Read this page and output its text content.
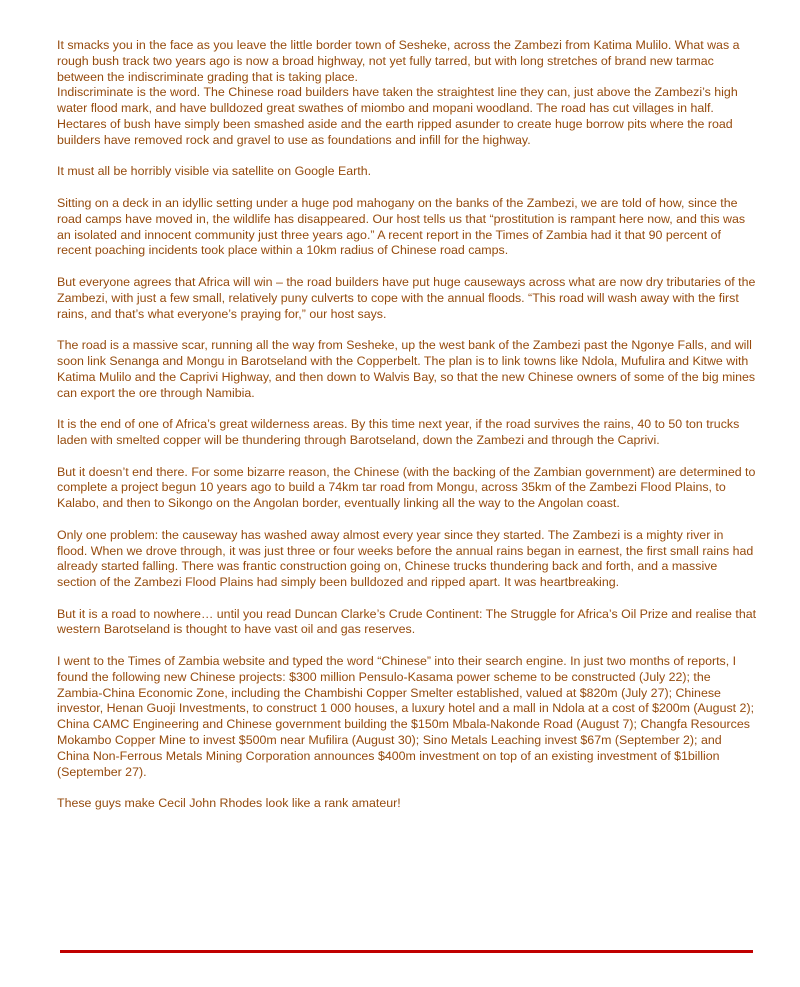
It smacks you in the face as you leave the little border town of Sesheke, across the Zambezi from Katima Mulilo. What was a rough bush track two years ago is now a broad highway, not yet fully tarred, but with long stretches of brand new tarmac between the indiscriminate grading that is taking place.

Indiscriminate is the word. The Chinese road builders have taken the straightest line they can, just above the Zambezi’s high water flood mark, and have bulldozed great swathes of miombo and mopani woodland. The road has cut villages in half. Hectares of bush have simply been smashed aside and the earth ripped asunder to create huge borrow pits where the road builders have removed rock and gravel to use as foundations and infill for the highway.

It must all be horribly visible via satellite on Google Earth.

Sitting on a deck in an idyllic setting under a huge pod mahogany on the banks of the Zambezi, we are told of how, since the road camps have moved in, the wildlife has disappeared. Our host tells us that “prostitution is rampant here now, and this was an isolated and innocent community just three years ago.” A recent report in the Times of Zambia had it that 90 percent of recent poaching incidents took place within a 10km radius of Chinese road camps.

But everyone agrees that Africa will win – the road builders have put huge causeways across what are now dry tributaries of the Zambezi, with just a few small, relatively puny culverts to cope with the annual floods. “This road will wash away with the first rains, and that’s what everyone’s praying for,” our host says.

The road is a massive scar, running all the way from Sesheke, up the west bank of the Zambezi past the Ngonye Falls, and will soon link Senanga and Mongu in Barotseland with the Copperbelt. The plan is to link towns like Ndola, Mufulira and Kitwe with Katima Mulilo and the Caprivi Highway, and then down to Walvis Bay, so that the new Chinese owners of some of the big mines can export the ore through Namibia.

It is the end of one of Africa’s great wilderness areas. By this time next year, if the road survives the rains, 40 to 50 ton trucks laden with smelted copper will be thundering through Barotseland, down the Zambezi and through the Caprivi.

But it doesn’t end there. For some bizarre reason, the Chinese (with the backing of the Zambian government) are determined to complete a project begun 10 years ago to build a 74km tar road from Mongu, across 35km of the Zambezi Flood Plains, to Kalabo, and then to Sikongo on the Angolan border, eventually linking all the way to the Angolan coast.

Only one problem: the causeway has washed away almost every year since they started. The Zambezi is a mighty river in flood. When we drove through, it was just three or four weeks before the annual rains began in earnest, the first small rains had already started falling. There was frantic construction going on, Chinese trucks thundering back and forth, and a massive section of the Zambezi Flood Plains had simply been bulldozed and ripped apart. It was heartbreaking.

But it is a road to nowhere… until you read Duncan Clarke’s Crude Continent: The Struggle for Africa’s Oil Prize and realise that western Barotseland is thought to have vast oil and gas reserves.

I went to the Times of Zambia website and typed the word “Chinese” into their search engine. In just two months of reports, I found the following new Chinese projects: $300 million Pensulo-Kasama power scheme to be constructed (July 22); the Zambia-China Economic Zone, including the Chambishi Copper Smelter established, valued at $820m (July 27); Chinese investor, Henan Guoji Investments, to construct 1 000 houses, a luxury hotel and a mall in Ndola at a cost of $200m (August 2); China CAMC Engineering and Chinese government building the $150m Mbala-Nakonde Road (August 7); Changfa Resources Mokambo Copper Mine to invest $500m near Mufilira (August 30); Sino Metals Leaching invest $67m (September 2); and China Non-Ferrous Metals Mining Corporation announces $400m investment on top of an existing investment of $1billion (September 27).

These guys make Cecil John Rhodes look like a rank amateur!
